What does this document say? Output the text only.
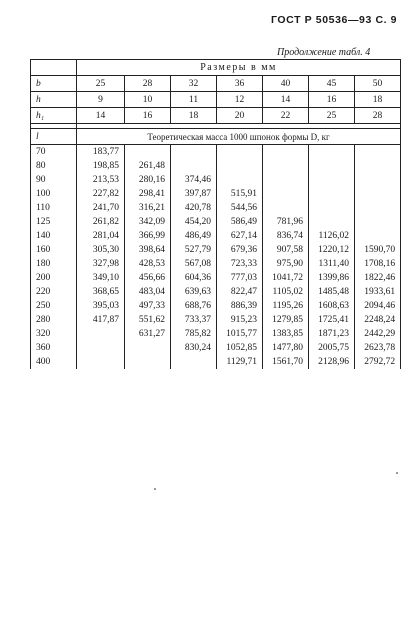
ГОСТ Р 50536—93 С. 9
Продолжение табл. 4
	Размеры в мм						
b	25	28	32	36	40	45	50
h	9	10	11	12	14	16	18
h₁	14	16	18	20	22	25	28

l	Теоретическая масса 1000 шпонок формы D, кг						
70	183,77						
80	198,85	261,48					
90	213,53	280,16	374,46				
100	227,82	298,41	397,87	515,91			
110	241,70	316,21	420,78	544,56			
125	261,82	342,09	454,20	586,49	781,96		
140	281,04	366,99	486,49	627,14	836,74	1126,02	
160	305,30	398,64	527,79	679,36	907,58	1220,12	1590,70
180	327,98	428,53	567,08	723,33	975,90	1311,40	1708,16
200	349,10	456,66	604,36	777,03	1041,72	1399,86	1822,46
220	368,65	483,04	639,63	822,47	1105,02	1485,48	1933,61
250	395,03	497,33	688,76	886,39	1195,26	1608,63	2094,46
280	417,87	551,62	733,37	915,23	1279,85	1725,41	2248,24
320		631,27	785,82	1015,77	1383,85	1871,23	2442,29
360			830,24	1052,85	1477,80	2005,75	2623,78
400				1129,71	1561,70	2128,96	2792,72
